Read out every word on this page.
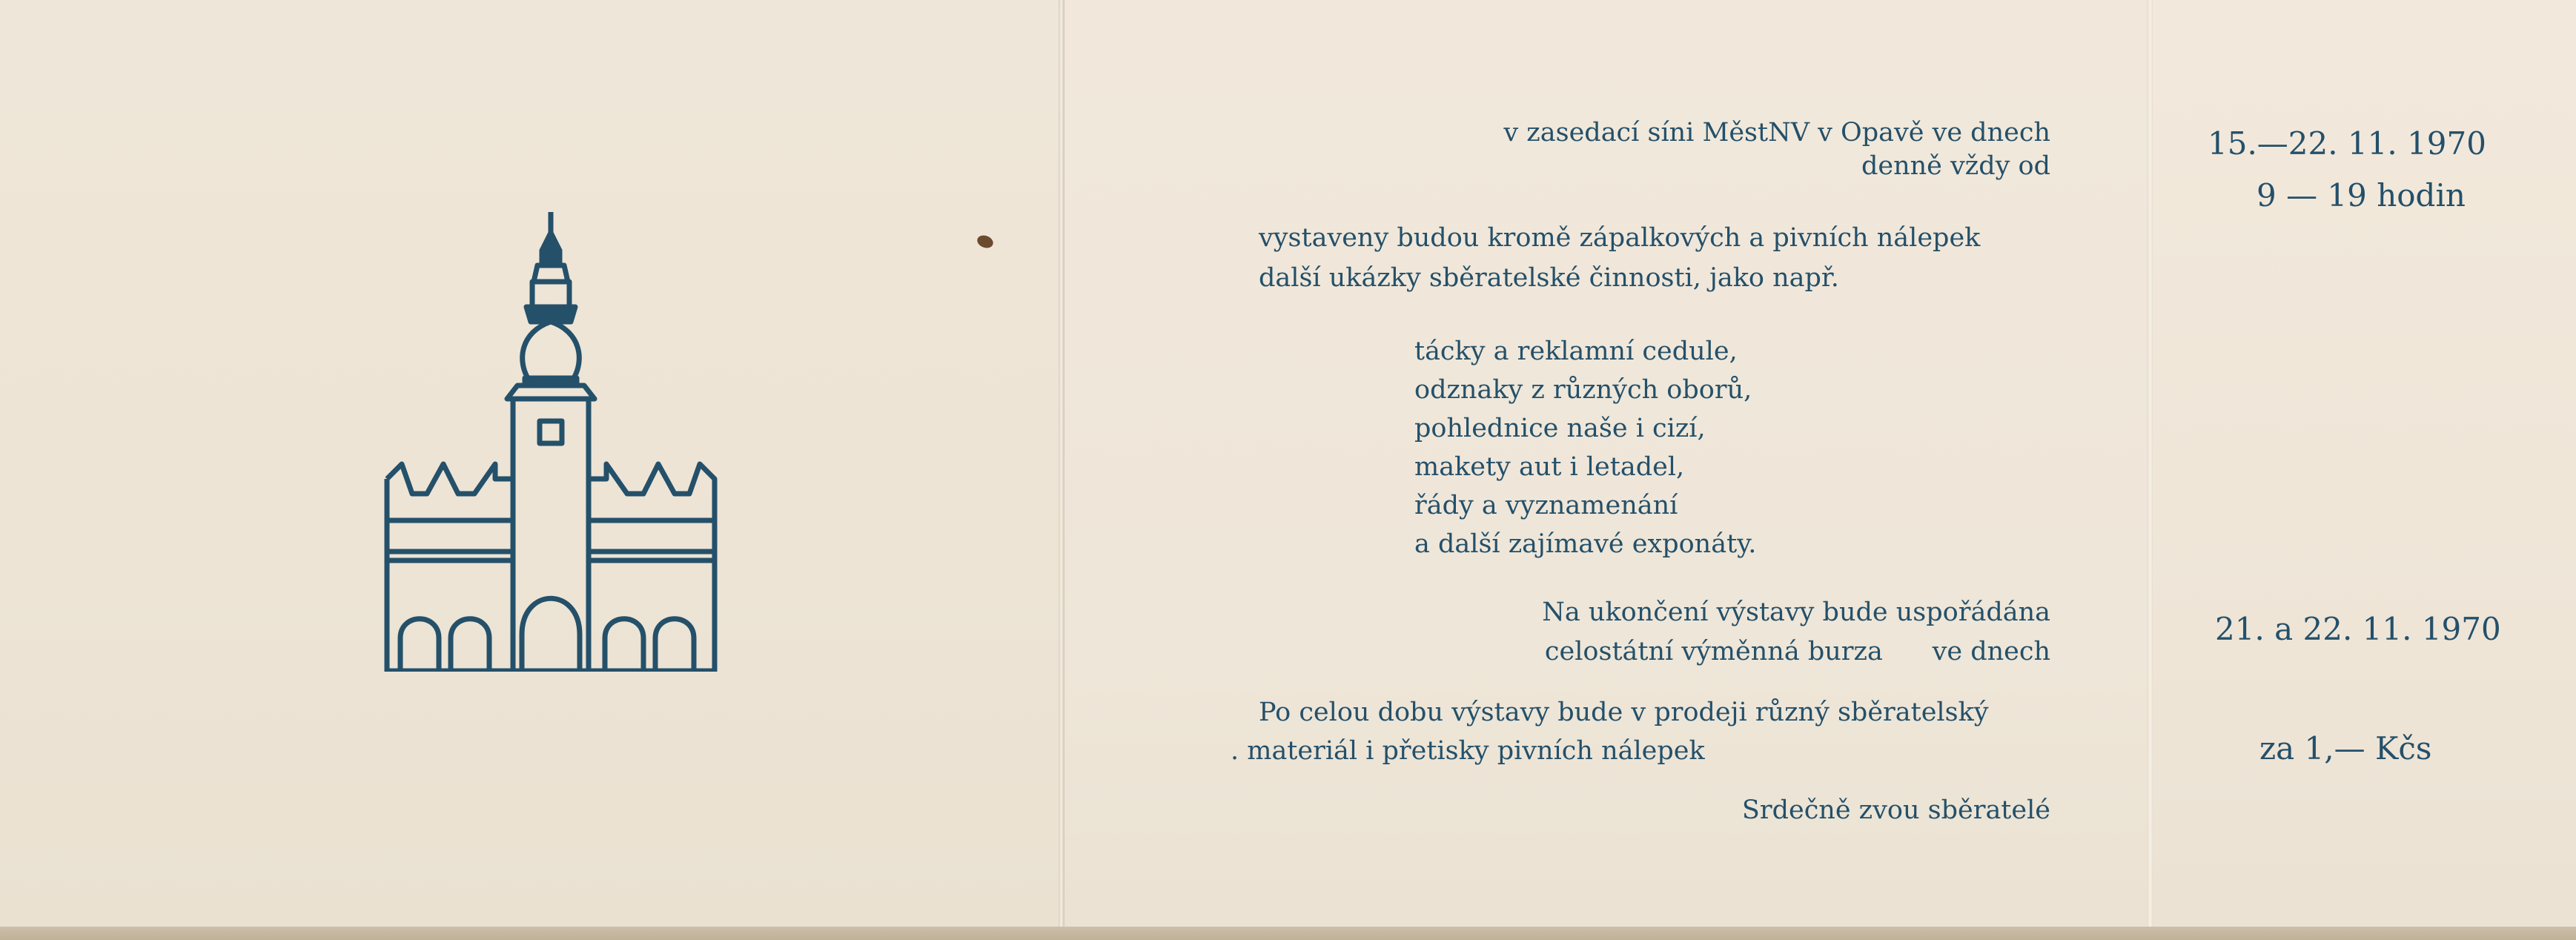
v zasedací síni MěstNV v Opavě ve dnech
denně vždy od
vystaveny budou kromě zápalkových a pivních nálepek
další ukázky sběratelské činnosti, jako např.
tácky a reklamní cedule,
odznaky z různých oborů,
pohlednice naše i cizí,
makety aut i letadel,
řády a vyznamenání
a další zajímavé exponáty.
Na ukončení výstavy bude uspořádána
celostátní výměnná burza      ve dnech
Po celou dobu výstavy bude v prodeji různý sběratelský
. materiál i přetisky pivních nálepek
Srdečně zvou sběratelé
15.—22. 11. 1970
9 — 19 hodin
21. a 22. 11. 1970
za 1,— Kčs
